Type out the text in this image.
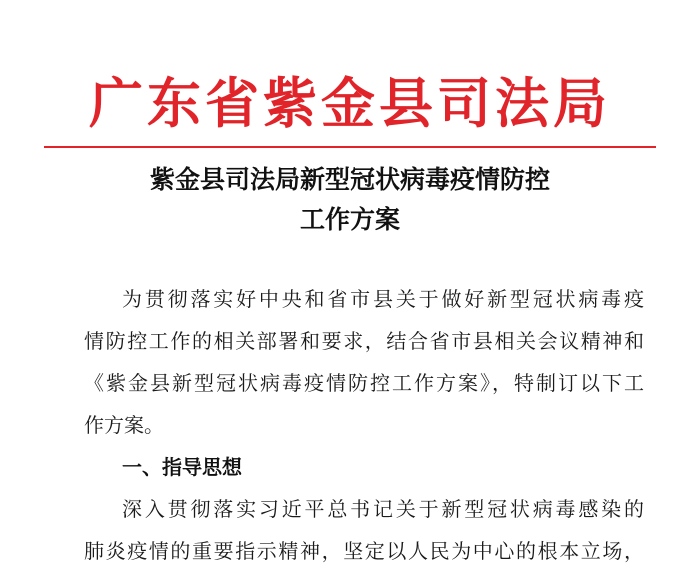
广东省紫金县司法局
紫金县司法局新型冠状病毒疫情防控
工作方案
为贯彻落实好中央和省市县关于做好新型冠状病毒疫
情防控工作的相关部署和要求，结合省市县相关会议精神和
《紫金县新型冠状病毒疫情防控工作方案》，特制订以下工
作方案。
一、指导思想
深入贯彻落实习近平总书记关于新型冠状病毒感染的
肺炎疫情的重要指示精神，坚定以人民为中心的根本立场，
